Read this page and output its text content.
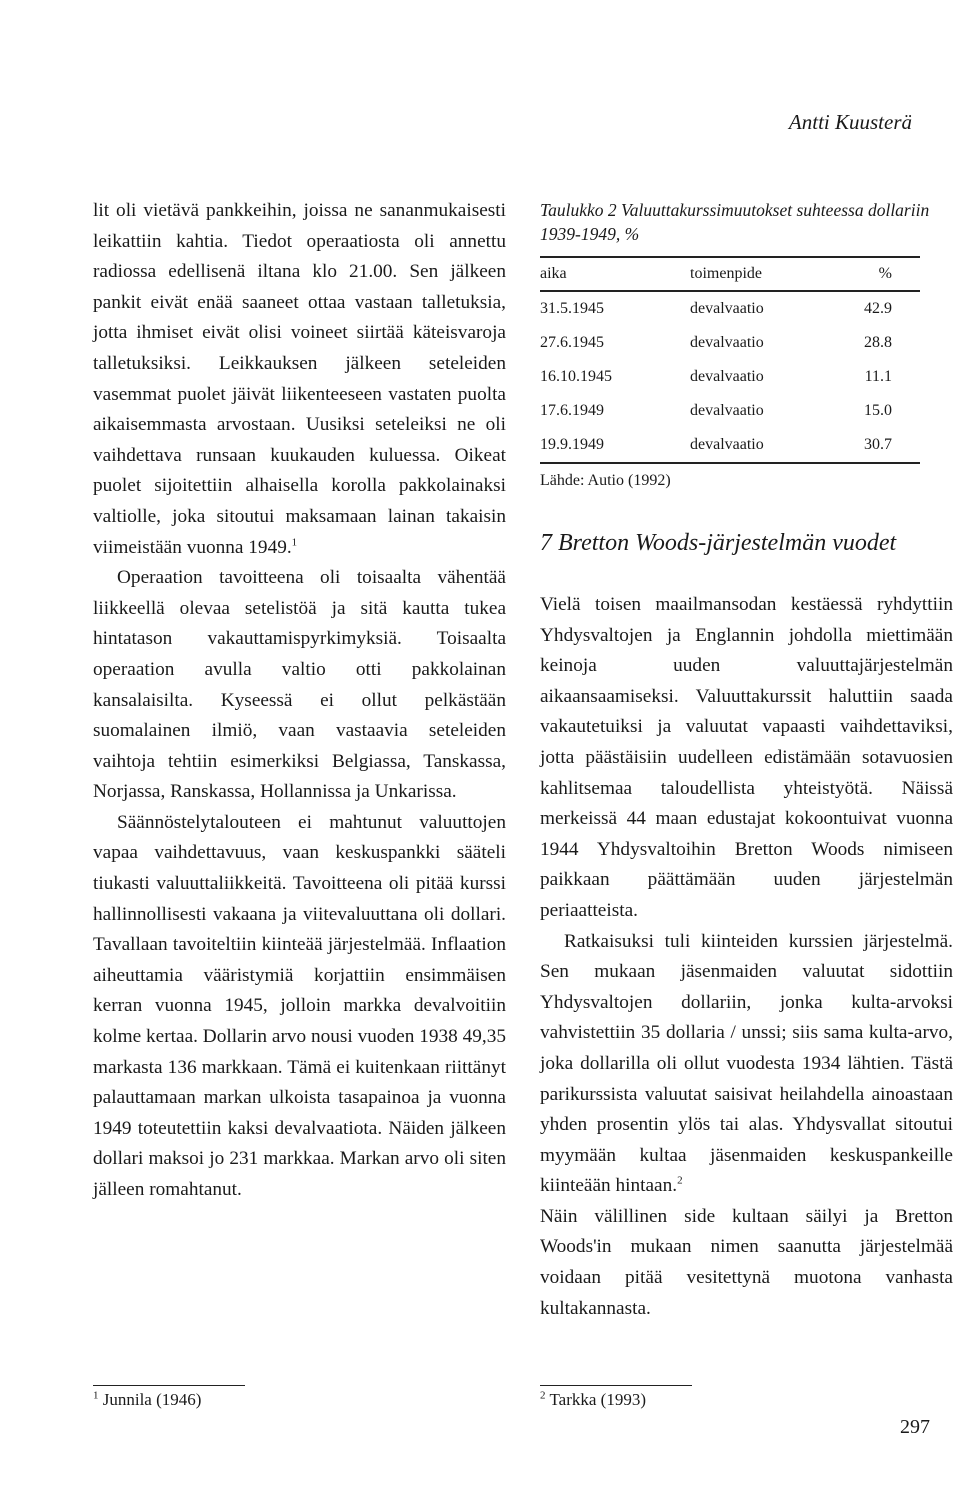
Antti Kuusterä

lit oli vietävä pankkeihin, joissa ne sananmukaisesti leikattiin kahtia. Tiedot operaatiosta oli annettu radiossa edellisenä iltana klo 21.00. Sen jälkeen pankit eivät enää saaneet ottaa vastaan talletuksia, jotta ihmiset eivät olisi voineet siirtää käteisvaroja talletuksiksi. Leikkauksen jälkeen seteleiden vasemmat puolet jäivät liikenteeseen vastaten puolta aikaisemmasta arvostaan. Uusiksi seteleiksi ne oli vaihdettava runsaan kuukauden kuluessa. Oikeat puolet sijoitettiin alhaisella korolla pakkolainaksi valtiolle, joka sitoutui maksamaan lainan takaisin viimeistään vuonna 1949.$^1$

Operaation tavoitteena oli toisaalta vähentää liikkeellä olevaa setelistöä ja sitä kautta tukea hintatason vakauttamispyrkimyksiä. Toisaalta operaation avulla valtio otti pakkolainan kansalaisilta. Kyseessä ei ollut pelkästään suomalainen ilmiö, vaan vastaavia seteleiden vaihtoja tehtiin esimerkiksi Belgiassa, Tanskassa, Norjassa, Ranskassa, Hollannissa ja Unkarissa.

Säännöstelytalouteen ei mahtunut valuuttojen vapaa vaihdettavuus, vaan keskuspankki sääteli tiukasti valuuttaliikkeitä. Tavoitteena oli pitää kurssi hallinnollisesti vakaana ja viitevaluuttana oli dollari. Tavallaan tavoiteltiin kiinteää järjestelmää. Inflaation aiheuttamia vääristymiä korjattiin ensimmäisen kerran vuonna 1945, jolloin markka devalvoitiin kolme kertaa. Dollarin arvo nousi vuoden 1938 49,35 markasta 136 markkaan. Tämä ei kuitenkaan riittänyt palauttamaan markan ulkoista tasapainoa ja vuonna 1949 toteutettiin kaksi devalvaatiota. Näiden jälkeen dollari maksoi jo 231 markkaa. Markan arvo oli siten jälleen romahtanut.

Taulukko 2 Valuuttakurssimuutokset suhteessa dollariin 1939-1949, %
aika	toimenpide	%
31.5.1945	devalvaatio	42.9
27.6.1945	devalvaatio	28.8
16.10.1945	devalvaatio	11.1
17.6.1949	devalvaatio	15.0
19.9.1949	devalvaatio	30.7
Lähde: Autio (1992)
7 Bretton Woods-järjestelmän vuodet

Vielä toisen maailmansodan kestäessä ryhdyttiin Yhdysvaltojen ja Englannin johdolla miettimään keinoja uuden valuuttajärjestelmän aikaansaamiseksi. Valuuttakurssit haluttiin saada vakautetuiksi ja valuutat vapaasti vaihdettaviksi, jotta päästäisiin uudelleen edistämään sotavuosien kahlitsemaa taloudellista yhteistyötä. Näissä merkeissä 44 maan edustajat kokoontuivat vuonna 1944 Yhdysvaltoihin Bretton Woods nimiseen paikkaan päättämään uuden järjestelmän periaatteista.

Ratkaisuksi tuli kiinteiden kurssien järjestelmä. Sen mukaan jäsenmaiden valuutat sidottiin Yhdysvaltojen dollariin, jonka kulta-arvoksi vahvistettiin 35 dollaria / unssi; siis sama kulta-arvo, joka dollarilla oli ollut vuodesta 1934 lähtien. Tästä parikurssista valuutat saisivat heilahdella ainoastaan yhden prosentin ylös tai alas. Yhdysvallat sitoutui myymään kultaa jäsenmaiden keskuspankeille kiinteään hintaan.$^2$

Näin välillinen side kultaan säilyi ja Bretton Woods'in mukaan nimen saanutta järjestelmää voidaan pitää vesitettynä muotona vanhasta kultakannasta.

$^1$ Junnila (1946)	$^2$ Tarkka (1993)
297
